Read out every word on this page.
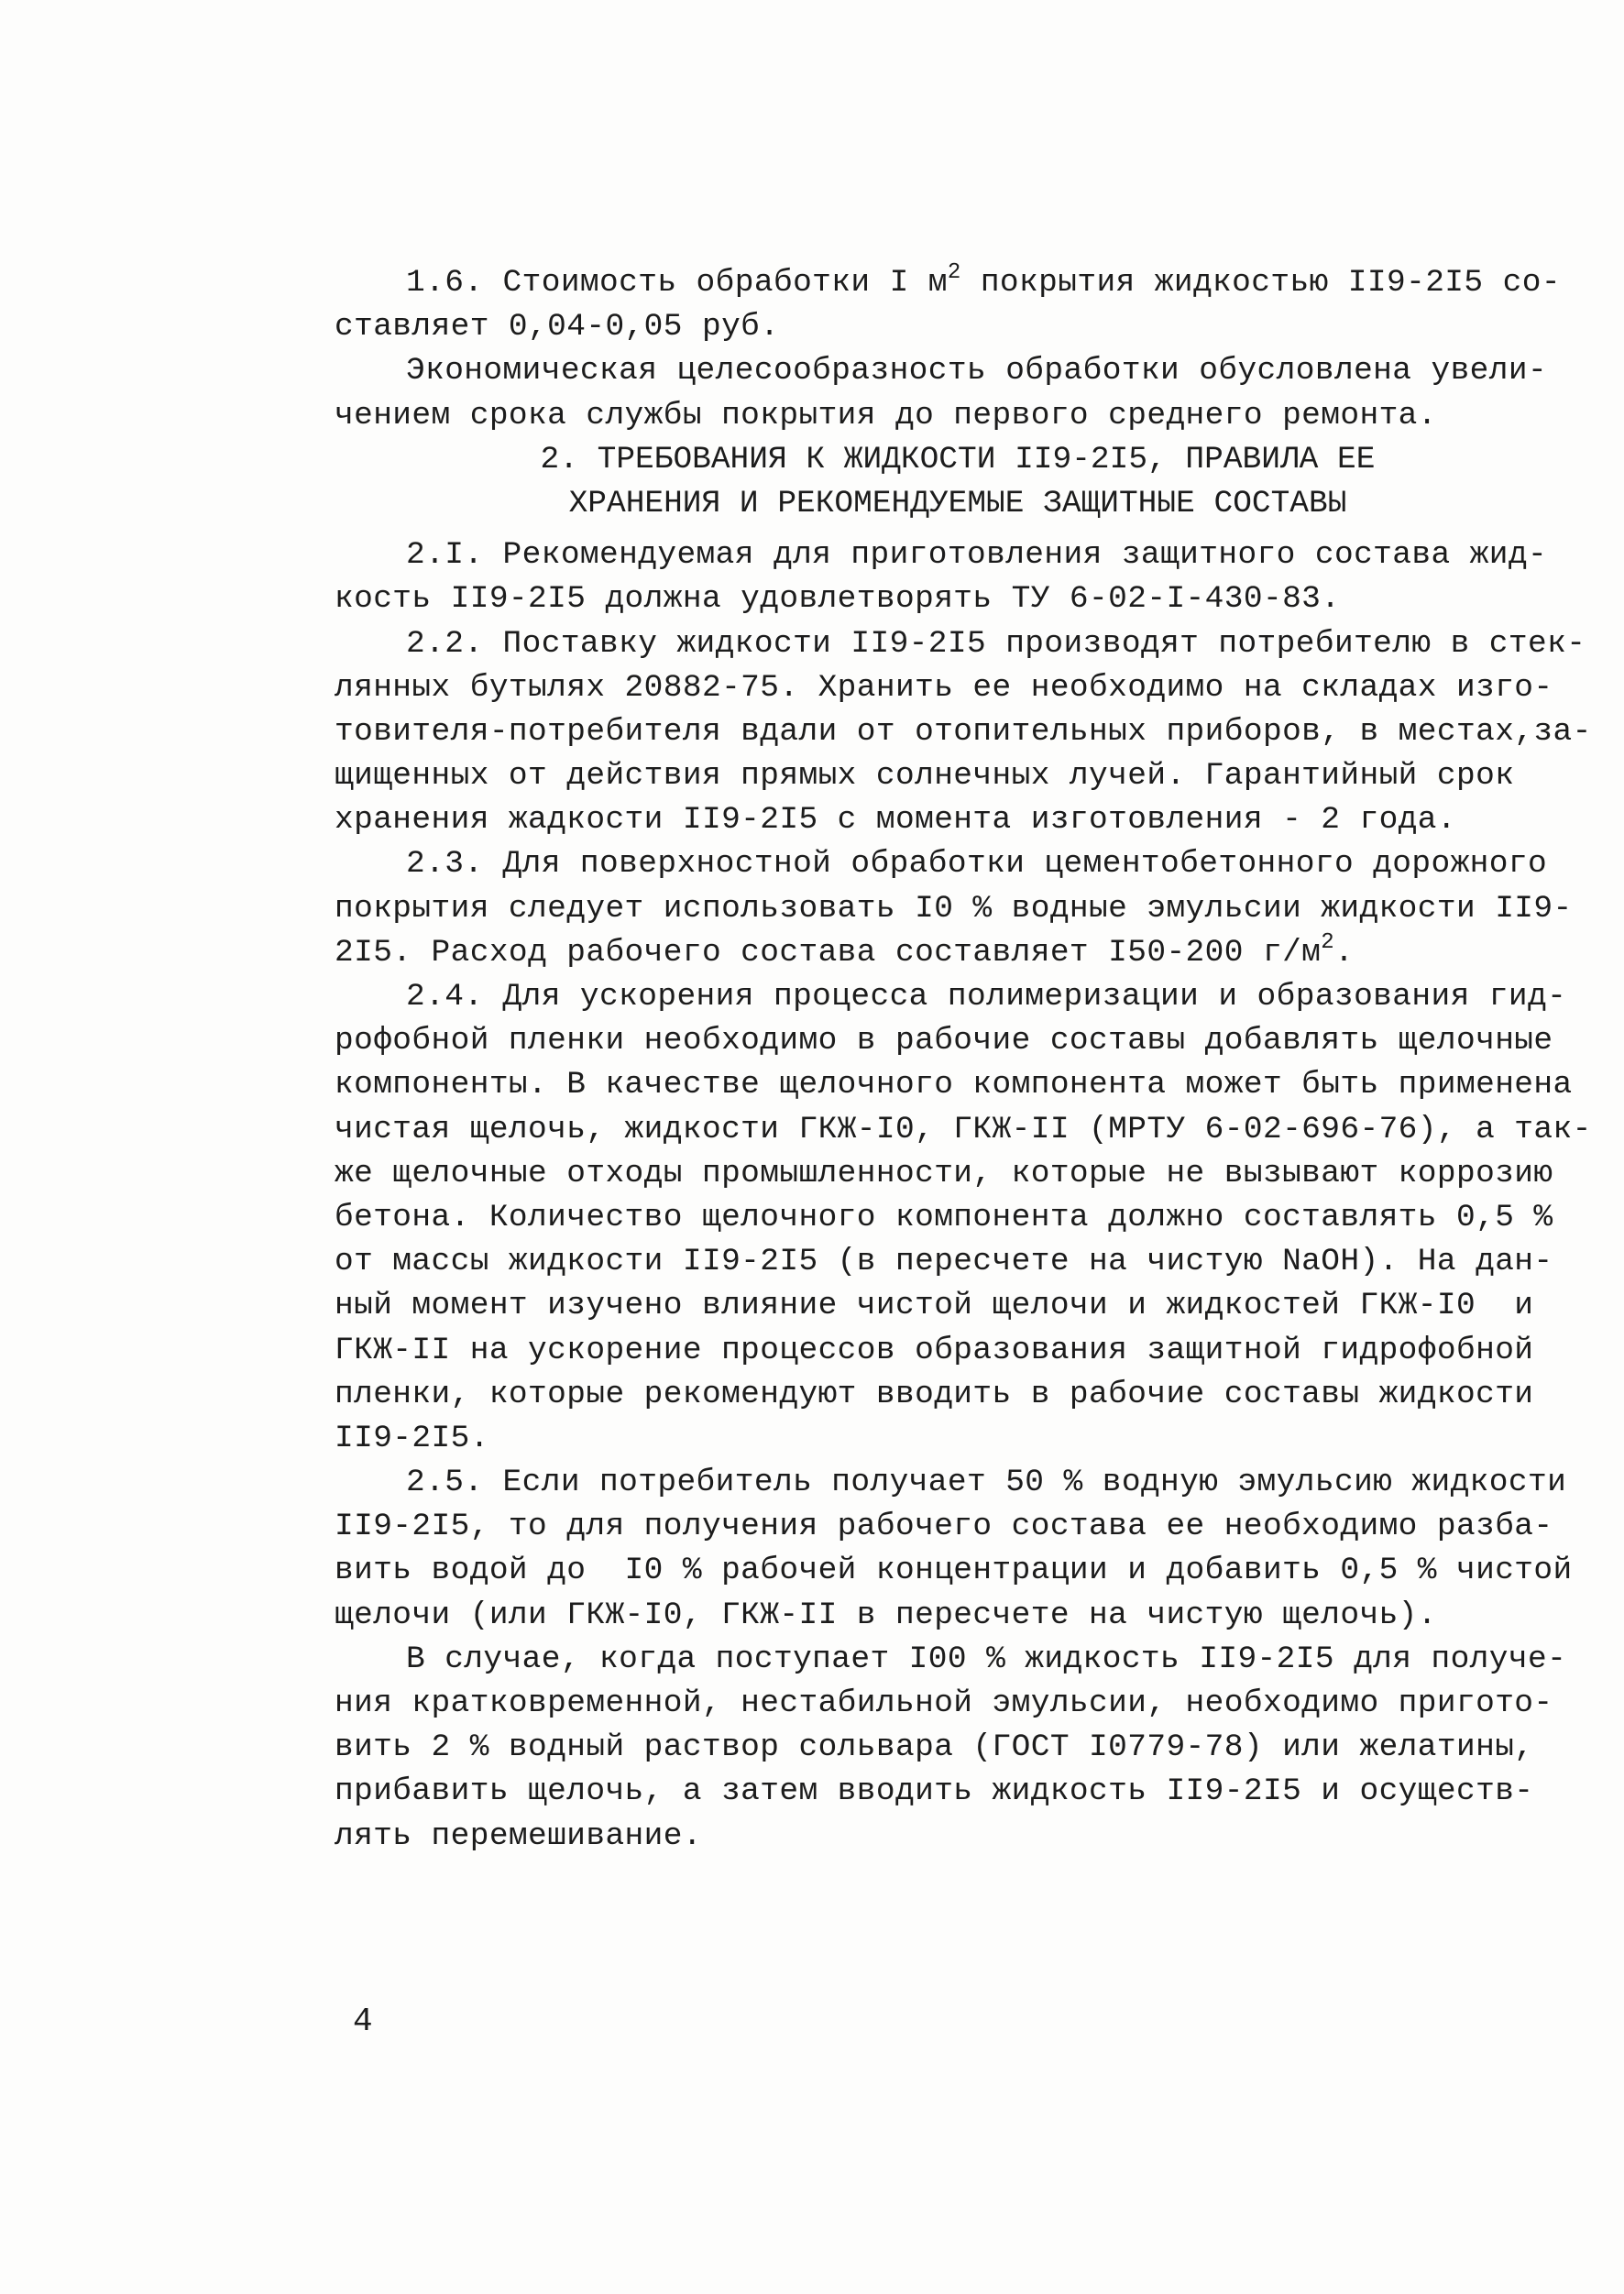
1.6. Стоимость обработки I $м^2$ покрытия жидкостью II9-2I5 со-
ставляет 0,04-0,05 руб.
Экономическая целесообразность обработки обусловлена увели-
чением срока службы покрытия до первого среднего ремонта.
2. ТРЕБОВАНИЯ К ЖИДКОСТИ II9-2I5, ПРАВИЛА ЕЕ
ХРАНЕНИЯ И РЕКОМЕНДУЕМЫЕ ЗАЩИТНЫЕ СОСТАВЫ
2.I. Рекомендуемая для приготовления защитного состава жид-
кость II9-2I5 должна удовлетворять ТУ 6-02-I-430-83.
2.2. Поставку жидкости II9-2I5 производят потребителю в стек-
лянных бутылях 20882-75. Хранить ее необходимо на складах изго-
товителя-потребителя вдали от отопительных приборов, в местах,за-
щищенных от действия прямых солнечных лучей. Гарантийный срок
хранения жадкости II9-2I5 с момента изготовления - 2 года.
2.3. Для поверхностной обработки цементобетонного дорожного
покрытия следует использовать I0 % водные эмульсии жидкости II9-
2I5. Расход рабочего состава составляет I50-200 $г/м^2$.
2.4. Для ускорения процесса полимеризации и образования гид-
рофобной пленки необходимо в рабочие составы добавлять щелочные
компоненты. В качестве щелочного компонента может быть применена
чистая щелочь, жидкости ГКЖ-I0, ГКЖ-II (МРТУ 6-02-696-76), а так-
же щелочные отходы промышленности, которые не вызывают коррозию
бетона. Количество щелочного компонента должно составлять 0,5 %
от массы жидкости II9-2I5 (в пересчете на чистую NaOH). На дан-
ный момент изучено влияние чистой щелочи и жидкостей ГКЖ-I0  и
ГКЖ-II на ускорение процессов образования защитной гидрофобной
пленки, которые рекомендуют вводить в рабочие составы жидкости
II9-2I5.
2.5. Если потребитель получает 50 % водную эмульсию жидкости
II9-2I5, то для получения рабочего состава ее необходимо разба-
вить водой до  I0 % рабочей концентрации и добавить 0,5 % чистой
щелочи (или ГКЖ-I0, ГКЖ-II в пересчете на чистую щелочь).
В случае, когда поступает I00 % жидкость II9-2I5 для получе-
ния кратковременной, нестабильной эмульсии, необходимо пригото-
вить 2 % водный раствор сольвара (ГОСТ I0779-78) или желатины,
прибавить щелочь, а затем вводить жидкость II9-2I5 и осуществ-
лять перемешивание.
4
